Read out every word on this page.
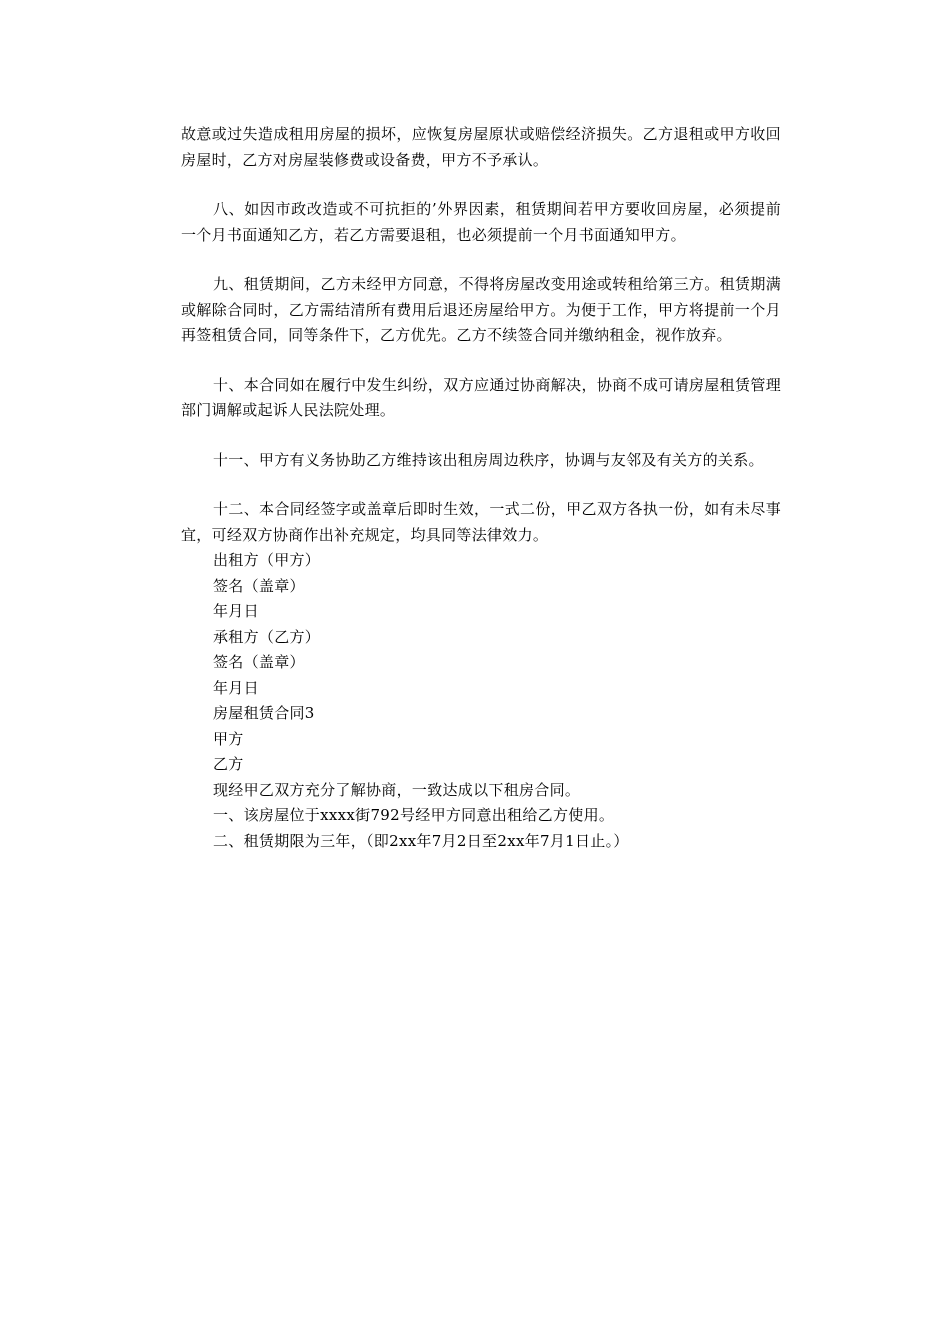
故意或过失造成租用房屋的损坏，应恢复房屋原状或赔偿经济损失。乙方退租或甲方收回房屋时，乙方对房屋装修费或设备费，甲方不予承认。

八、如因市政改造或不可抗拒的’外界因素，租赁期间若甲方要收回房屋，必须提前一个月书面通知乙方，若乙方需要退租，也必须提前一个月书面通知甲方。

九、租赁期间，乙方未经甲方同意，不得将房屋改变用途或转租给第三方。租赁期满或解除合同时，乙方需结清所有费用后退还房屋给甲方。为便于工作，甲方将提前一个月再签租赁合同，同等条件下，乙方优先。乙方不续签合同并缴纳租金，视作放弃。

十、本合同如在履行中发生纠纷，双方应通过协商解决，协商不成可请房屋租赁管理部门调解或起诉人民法院处理。

十一、甲方有义务协助乙方维持该出租房周边秩序，协调与友邻及有关方的关系。

十二、本合同经签字或盖章后即时生效，一式二份，甲乙双方各执一份，如有未尽事宜，可经双方协商作出补充规定，均具同等法律效力。

出租方（甲方）

签名（盖章）

年月日

承租方（乙方）

签名（盖章）

年月日

房屋租赁合同3

甲方

乙方

现经甲乙双方充分了解协商，一致达成以下租房合同。

一、该房屋位于xxxx街792号经甲方同意出租给乙方使用。

二、租赁期限为三年，（即2xx年7月2日至2xx年7月1日止。）
